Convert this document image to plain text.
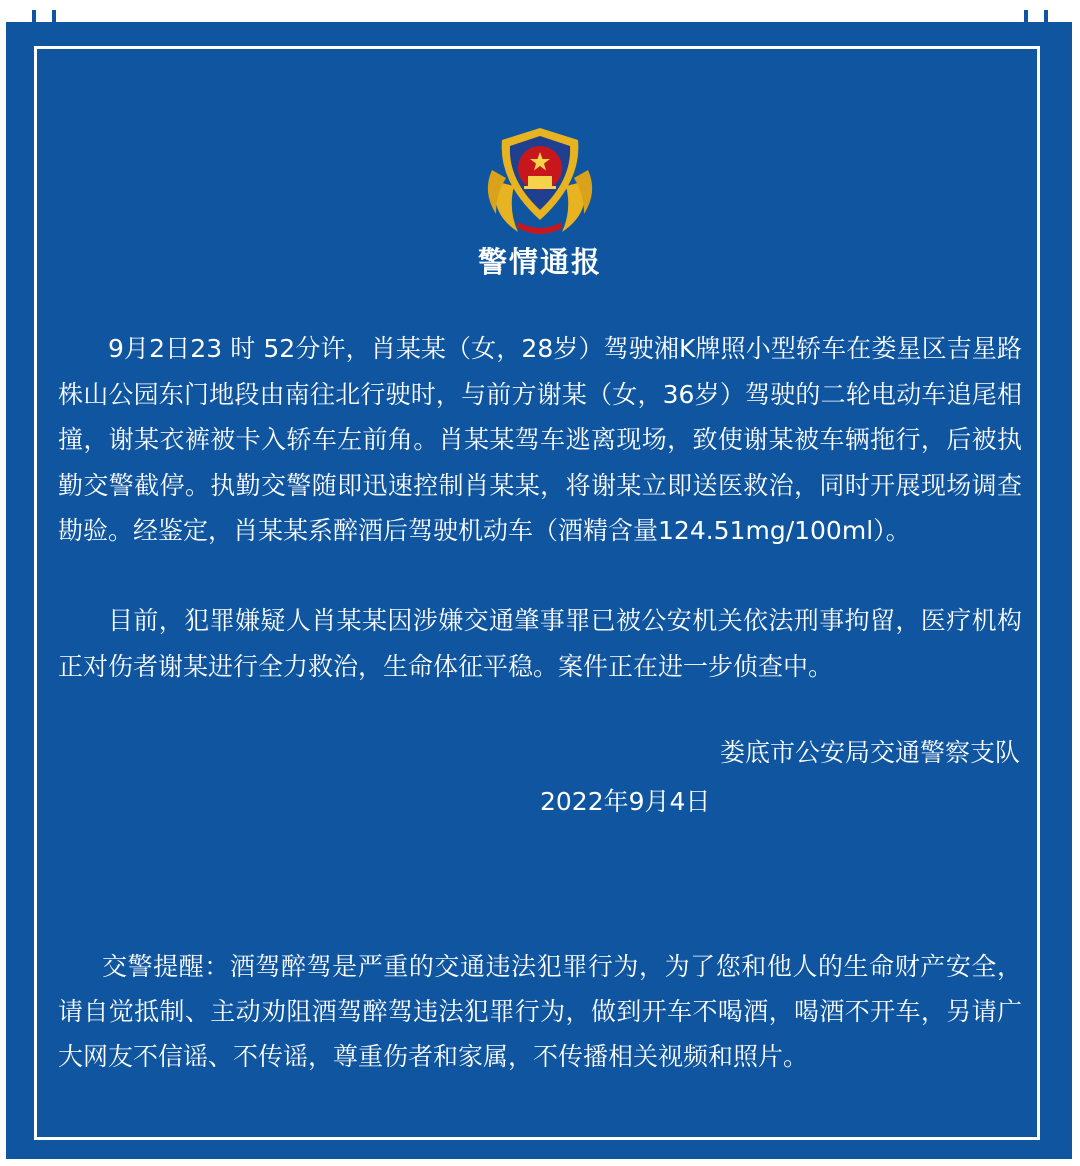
警情通报

9月2日23 时 52分许，肖某某（女，28岁）驾驶湘K牌照小型轿车在娄星区吉星路株山公园东门地段由南往北行驶时，与前方谢某（女，36岁）驾驶的二轮电动车追尾相撞，谢某衣裤被卡入轿车左前角。肖某某驾车逃离现场，致使谢某被车辆拖行，后被执勤交警截停。执勤交警随即迅速控制肖某某，将谢某立即送医救治，同时开展现场调查勘验。经鉴定，肖某某系醉酒后驾驶机动车（酒精含量124.51mg/100ml）。

目前，犯罪嫌疑人肖某某因涉嫌交通肇事罪已被公安机关依法刑事拘留，医疗机构正对伤者谢某进行全力救治，生命体征平稳。案件正在进一步侦查中。

娄底市公安局交通警察支队
2022年9月4日

交警提醒：酒驾醉驾是严重的交通违法犯罪行为，为了您和他人的生命财产安全，请自觉抵制、主动劝阻酒驾醉驾违法犯罪行为，做到开车不喝酒，喝酒不开车，另请广大网友不信谣、不传谣，尊重伤者和家属，不传播相关视频和照片。
